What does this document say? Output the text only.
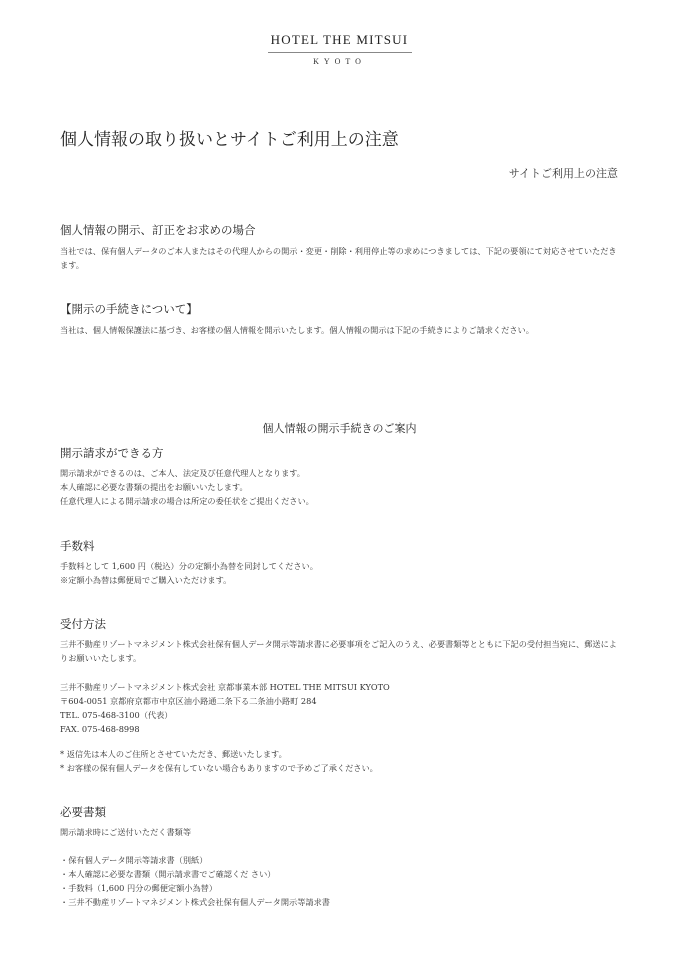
HOTEL THE MITSUI
KYOTO
個人情報の取り扱いとサイトご利用上の注意
サイトご利用上の注意
個人情報の開示、訂正をお求めの場合
当社では、保有個人データのご本人またはその代理人からの開示・変更・削除・利用停止等の求めにつきましては、下記の要領にて対応させていただきます。
【開示の手続きについて】
当社は、個人情報保護法に基づき、お客様の個人情報を開示いたします。個人情報の開示は下記の手続きによりご請求ください。
個人情報の開示手続きのご案内
開示請求ができる方
開示請求ができるのは、ご本人、法定及び任意代理人となります。
本人確認に必要な書類の提出をお願いいたします。
任意代理人による開示請求の場合は所定の委任状をご提出ください。
手数料
手数料として 1,600 円（税込）分の定額小為替を同封してください。
※定額小為替は郵便局でご購入いただけます。
受付方法
三井不動産リゾートマネジメント株式会社保有個人データ開示等請求書に必要事項をご記入のうえ、必要書類等とともに下記の受付担当宛に、郵送によりお願いいたします。
三井不動産リゾートマネジメント株式会社 京都事業本部 HOTEL THE MITSUI KYOTO
〒604-0051 京都府京都市中京区油小路通二条下る二条油小路町 284
TEL. 075-468-3100（代表）
FAX. 075-468-8998
* 返信先は本人のご住所とさせていただき、郵送いたします。
* お客様の保有個人データを保有していない場合もありますので予めご了承ください。
必要書類
開示請求時にご送付いただく書類等
・保有個人データ開示等請求書（別紙）
・本人確認に必要な書類（開示請求書でご確認くだ さい）
・手数料（1,600 円分の郵便定額小為替）
・三井不動産リゾートマネジメント株式会社保有個人データ開示等請求書
